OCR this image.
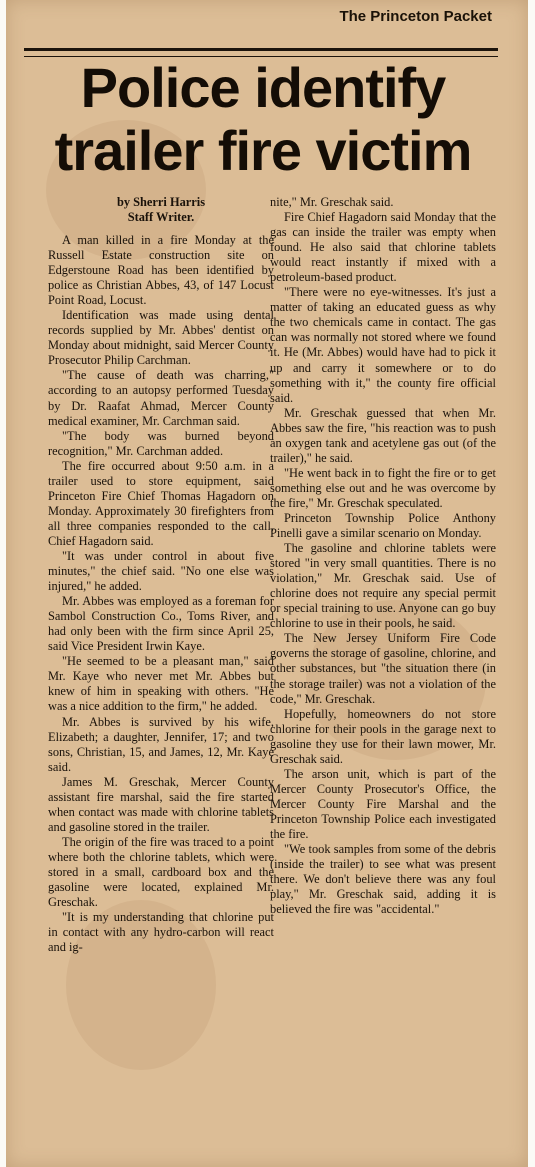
The Princeton Packet
Police identify
trailer fire victim
by Sherri Harris
Staff Writer.

A man killed in a fire Monday at the Russell Estate construction site on Edgerstoune Road has been identified by police as Christian Abbes, 43, of 147 Locust Point Road, Locust.

Identification was made using dental records supplied by Mr. Abbes' dentist on Monday about midnight, said Mercer County Prosecutor Philip Carchman.

"The cause of death was charring," according to an autopsy performed Tuesday by Dr. Raafat Ahmad, Mercer County medical examiner, Mr. Carchman said.

"The body was burned beyond recognition," Mr. Carchman added.

The fire occurred about 9:50 a.m. in a trailer used to store equipment, said Princeton Fire Chief Thomas Hagadorn on Monday. Approximately 30 firefighters from all three companies responded to the call, Chief Hagadorn said.

"It was under control in about five minutes," the chief said. "No one else was injured," he added.

Mr. Abbes was employed as a foreman for Sambol Construction Co., Toms River, and had only been with the firm since April 25, said Vice President Irwin Kaye.

"He seemed to be a pleasant man," said Mr. Kaye who never met Mr. Abbes but knew of him in speaking with others. "He was a nice addition to the firm," he added.

Mr. Abbes is survived by his wife, Elizabeth; a daughter, Jennifer, 17; and two sons, Christian, 15, and James, 12, Mr. Kaye said.

James M. Greschak, Mercer County assistant fire marshal, said the fire started when contact was made with chlorine tablets and gasoline stored in the trailer.

The origin of the fire was traced to a point where both the chlorine tablets, which were stored in a small, cardboard box and the gasoline were located, explained Mr. Greschak.

"It is my understanding that chlorine put in contact with any hydro-carbon will react and ig-

nite," Mr. Greschak said.

Fire Chief Hagadorn said Monday that the gas can inside the trailer was empty when found. He also said that chlorine tablets would react instantly if mixed with a petroleum-based product.

"There were no eye-witnesses. It's just a matter of taking an educated guess as why the two chemicals came in contact. The gas can was normally not stored where we found it. He (Mr. Abbes) would have had to pick it up and carry it somewhere or to do something with it," the county fire official said.

Mr. Greschak guessed that when Mr. Abbes saw the fire, "his reaction was to push an oxygen tank and acetylene gas out (of the trailer)," he said.

"He went back in to fight the fire or to get something else out and he was overcome by the fire," Mr. Greschak speculated.

Princeton Township Police Anthony Pinelli gave a similar scenario on Monday.

The gasoline and chlorine tablets were stored "in very small quantities. There is no violation," Mr. Greschak said. Use of chlorine does not require any special permit or special training to use. Anyone can go buy chlorine to use in their pools, he said.

The New Jersey Uniform Fire Code governs the storage of gasoline, chlorine, and other substances, but "the situation there (in the storage trailer) was not a violation of the code," Mr. Greschak.

Hopefully, homeowners do not store chlorine for their pools in the garage next to gasoline they use for their lawn mower, Mr. Greschak said.

The arson unit, which is part of the Mercer County Prosecutor's Office, the Mercer County Fire Marshal and the Princeton Township Police each investigated the fire.

"We took samples from some of the debris (inside the trailer) to see what was present there. We don't believe there was any foul play," Mr. Greschak said, adding it is believed the fire was "accidental."
